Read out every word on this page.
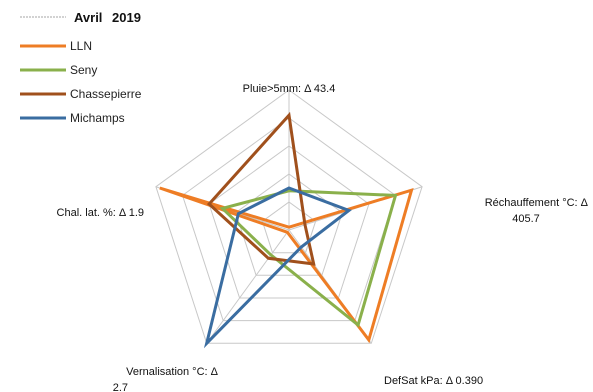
Avril 2019
LLN
Seny
Chassepierre
Michamps
Pluie>5mm: Δ 43.4
Réchauffement °C: Δ 405.7
DefSat kPa: Δ 0.390
Vernalisation °C: Δ 2.7
Chal. lat. %: Δ 1.9
